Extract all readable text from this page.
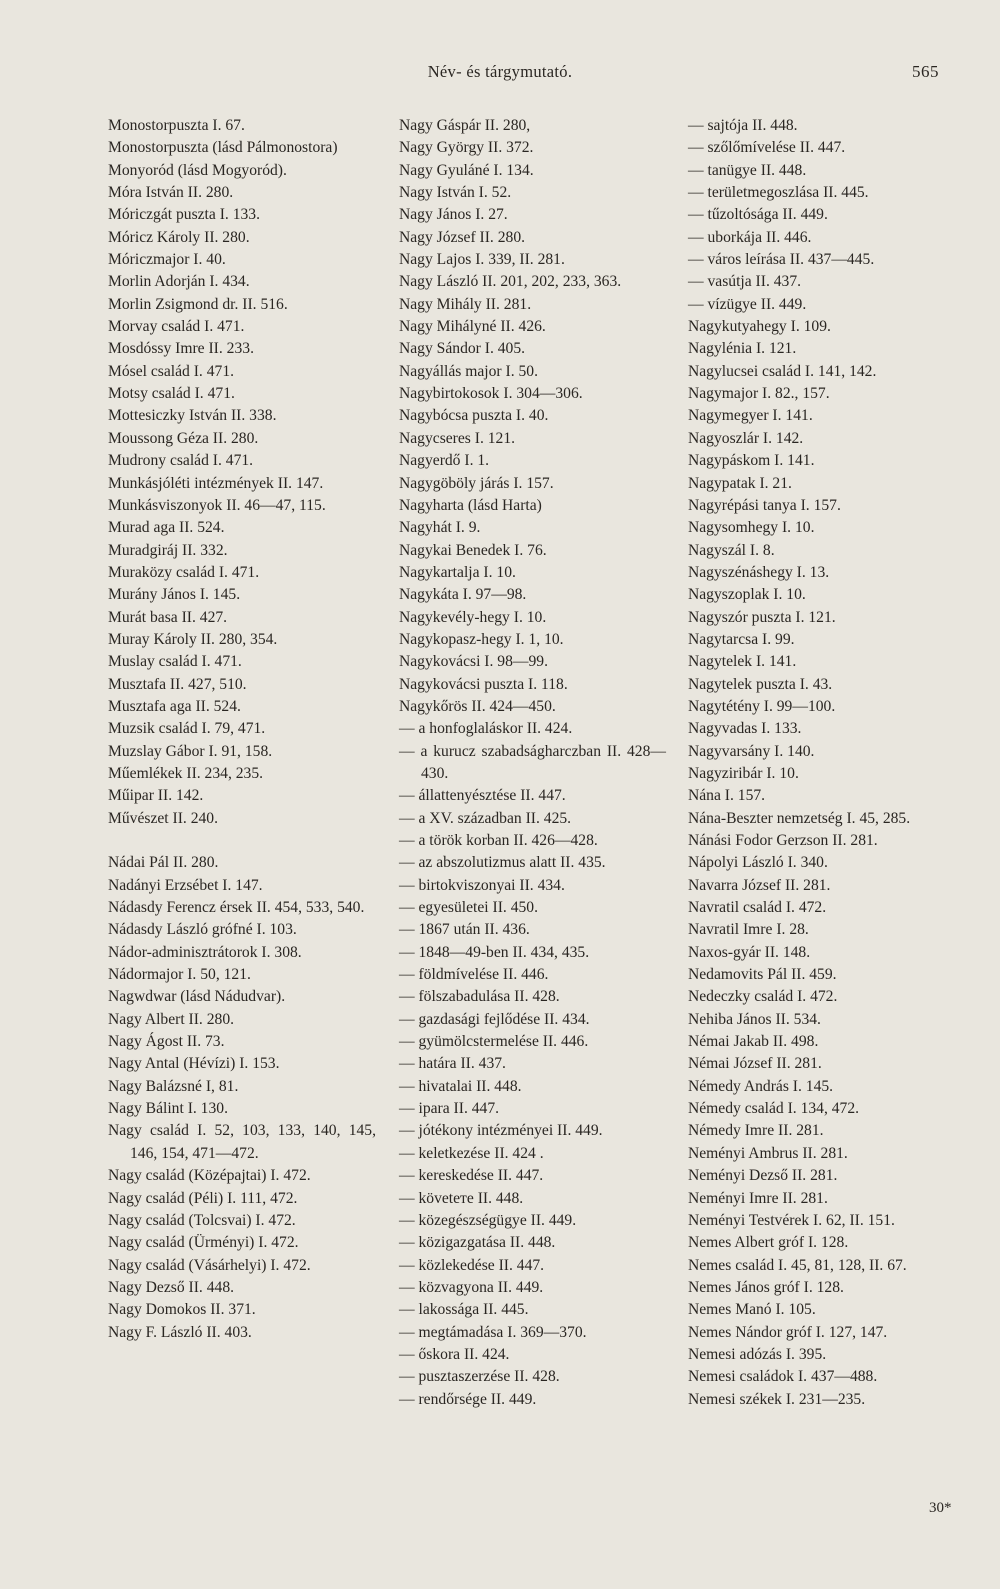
Név- és tárgymutató.	565
Monostorpuszta I. 67.
Monostorpuszta (lásd Pálmonostora)
Monyoród (lásd Mogyoród).
Móra István II. 280.
Móriczgát puszta I. 133.
Móricz Károly II. 280.
Móriczmajor I. 40.
Morlin Adorján I. 434.
Morlin Zsigmond dr. II. 516.
Morvay család I. 471.
Mosdóssy Imre II. 233.
Mósel család I. 471.
Motsy család I. 471.
Mottesiczky István II. 338.
Moussong Géza II. 280.
Mudrony család I. 471.
Munkásjóléti intézmények II. 147.
Munkásviszonyok II. 46—47, 115.
Murad aga II. 524.
Muradgiráj II. 332.
Muraközy család I. 471.
Murány János I. 145.
Murát basa II. 427.
Muray Károly II. 280, 354.
Muslay család I. 471.
Musztafa II. 427, 510.
Musztafa aga II. 524.
Muzsik család I. 79, 471.
Muzslay Gábor I. 91, 158.
Műemlékek II. 234, 235.
Műipar II. 142.
Művészet II. 240.
Nádai Pál II. 280.
Nadányi Erzsébet I. 147.
Nádasdy Ferencz érsek II. 454, 533, 540.
Nádasdy László grófné I. 103.
Nádor-adminisztrátorok I. 308.
Nádormajor I. 50, 121.
Nagwdwar (lásd Nádudvar).
Nagy Albert II. 280.
Nagy Ágost II. 73.
Nagy Antal (Hévízi) I. 153.
Nagy Balázsné I, 81.
Nagy Bálint I. 130.
Nagy család I. 52, 103, 133, 140, 145, 146, 154, 471—472.
Nagy család (Középajtai) I. 472.
Nagy család (Péli) I. 111, 472.
Nagy család (Tolcsvai) I. 472.
Nagy család (Ürményi) I. 472.
Nagy család (Vásárhelyi) I. 472.
Nagy Dezső II. 448.
Nagy Domokos II. 371.
Nagy F. László II. 403.
Nagy Gáspár II. 280,
Nagy György II. 372.
Nagy Gyuláné I. 134.
Nagy István I. 52.
Nagy János I. 27.
Nagy József II. 280.
Nagy Lajos I. 339, II. 281.
Nagy László II. 201, 202, 233, 363.
Nagy Mihály II. 281.
Nagy Mihályné II. 426.
Nagy Sándor I. 405.
Nagyállás major I. 50.
Nagybirtokosok I. 304—306.
Nagybócsa puszta I. 40.
Nagycseres I. 121.
Nagyerdő I. 1.
Nagygöböly járás I. 157.
Nagyharta (lásd Harta)
Nagyhát I. 9.
Nagykai Benedek I. 76.
Nagykartalja I. 10.
Nagykáta I. 97—98.
Nagykevély-hegy I. 10.
Nagykopasz-hegy I. 1, 10.
Nagykovácsi I. 98—99.
Nagykovácsi puszta I. 118.
Nagykőrös II. 424—450.
— a honfoglaláskor II. 424.
— a kurucz szabadságharczban II. 428—430.
— állattenyésztése II. 447.
— a XV. században II. 425.
— a török korban II. 426—428.
— az abszolutizmus alatt II. 435.
— birtokviszonyai II. 434.
— egyesületei II. 450.
— 1867 után II. 436.
— 1848—49-ben II. 434, 435.
— földmívelése II. 446.
— fölszabadulása II. 428.
— gazdasági fejlődése II. 434.
— gyümölcstermelése II. 446.
— határa II. 437.
— hivatalai II. 448.
— ipara II. 447.
— jótékony intézményei II. 449.
— keletkezése II. 424 .
— kereskedése II. 447.
— követeте II. 448.
— közegészségügye II. 449.
— közigazgatása II. 448.
— közlekedése II. 447.
— közvagyona II. 449.
— lakossága II. 445.
— megtámadása I. 369—370.
— őskora II. 424.
— pusztaszerzése II. 428.
— rendőrsége II. 449.
— sajtója II. 448.
— szőlőmívelése II. 447.
— tanügye II. 448.
— területmegoszlása II. 445.
— tűzoltósága II. 449.
— uborkája II. 446.
— város leírása II. 437—445.
— vasútja II. 437.
— vízügye II. 449.
Nagykutyahegy I. 109.
Nagylénia I. 121.
Nagylucsei család I. 141, 142.
Nagymajor I. 82., 157.
Nagymegyer I. 141.
Nagyoszlár I. 142.
Nagypáskom I. 141.
Nagypatak I. 21.
Nagyrépási tanya I. 157.
Nagysomhegy I. 10.
Nagyszál I. 8.
Nagyszénáshegy I. 13.
Nagyszoplak I. 10.
Nagyszór puszta I. 121.
Nagytarcsa I. 99.
Nagytelek I. 141.
Nagytelek puszta I. 43.
Nagytétény I. 99—100.
Nagyvadas I. 133.
Nagyvarsány I. 140.
Nagyziribár I. 10.
Nána I. 157.
Nána-Beszter nemzetség I. 45, 285.
Nánási Fodor Gerzson II. 281.
Nápolyi László I. 340.
Navarra József II. 281.
Navratil család I. 472.
Navratil Imre I. 28.
Naxos-gyár II. 148.
Nedamovits Pál II. 459.
Nedeczky család I. 472.
Nehiba János II. 534.
Némai Jakab II. 498.
Némai József II. 281.
Némedy András I. 145.
Némedy család I. 134, 472.
Némedy Imre II. 281.
Neményi Ambrus II. 281.
Neményi Dezső II. 281.
Neményi Imre II. 281.
Neményi Testvérek I. 62, II. 151.
Nemes Albert gróf I. 128.
Nemes család I. 45, 81, 128, II. 67.
Nemes János gróf I. 128.
Nemes Manó I. 105.
Nemes Nándor gróf I. 127, 147.
Nemesi adózás I. 395.
Nemesi családok I. 437—488.
Nemesi székek I. 231—235.
30*
